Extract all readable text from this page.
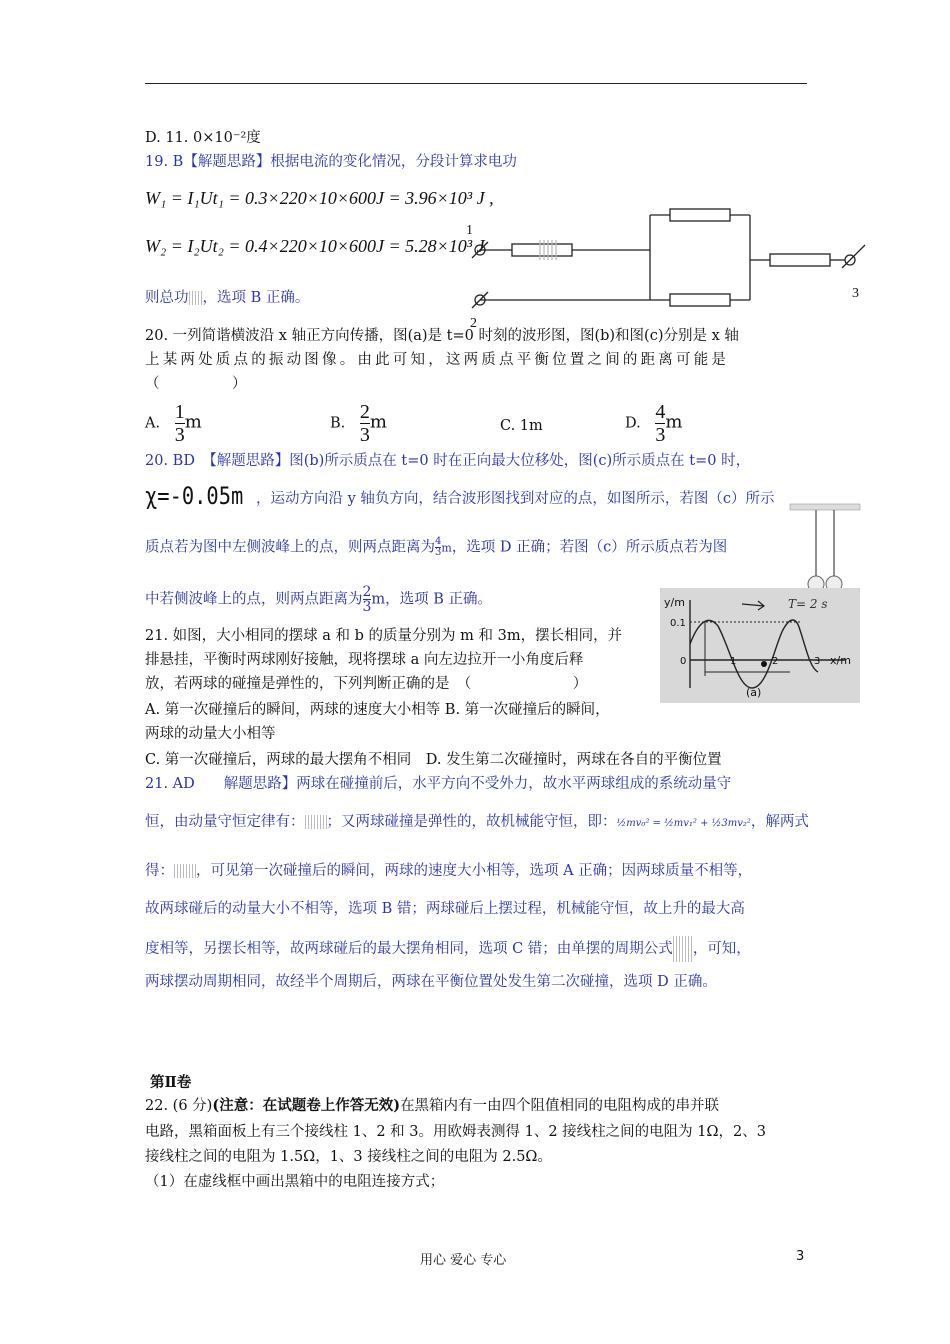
D. 11. 0×10⁻²度
19. B【解题思路】根据电流的变化情况，分段计算求电功
W₁ = I₁Ut₁ = 0.3×220×10×600J = 3.96×10³ J ,
W₂ = I₂Ut₂ = 0.4×220×10×600J = 5.28×10³ J
则总功 ，选项 B 正确。
1
2
3
20. 一列简谐横波沿 x 轴正方向传播，图(a)是 t=0 时刻的波形图，图(b)和图(c)分别是 x 轴
上某两处质点的振动图像。由此可知，这两质点平衡位置之间的距离可能是
（　　　　　）
A. $\frac{1}{3}m$	B. $\frac{2}{3}m$	C. 1m	D. $\frac{4}{3}m$
20. BD　【解题思路】图(b)所示质点在 t=0 时在正向最大位移处，图(c)所示质点在 t=0 时，
χ=-0.05m ，运动方向沿 y 轴负方向，结合波形图找到对应的点，如图所示，若图（c）所示
质点若为图中左侧波峰上的点，则两点距离为$\frac{4}{3}m$，选项 D 正确；若图（c）所示质点若为图
中若侧波峰上的点，则两点距离为$\frac{2}{3}m$，选项 B 正确。	y/m
0.1
0	1	2	3 x/m
(a)
T= 2 s
21. 如图，大小相同的摆球 a 和 b 的质量分别为 m 和 3m，摆长相同，并
排悬挂，平衡时两球刚好接触，现将摆球 a 向左边拉开一小角度后释
放，若两球的碰撞是弹性的，下列判断正确的是　（　　　　　　　）
A. 第一次碰撞后的瞬间，两球的速度大小相等 B. 第一次碰撞后的瞬间，
两球的动量大小相等
C. 第一次碰撞后，两球的最大摆角不相同　D. 发生第二次碰撞时，两球在各自的平衡位置
21. AD　　解题思路】两球在碰撞前后，水平方向不受外力，故水平两球组成的系统动量守
恒，由动量守恒定律有： ；又两球碰撞是弹性的，故机械能守恒，即：½mv₀² = ½mv₁² + ½3mv₂²，解两式
得： ，可见第一次碰撞后的瞬间，两球的速度大小相等，选项 A 正确；因两球质量不相等，
故两球碰后的动量大小不相等，选项 B 错；两球碰后上摆过程，机械能守恒，故上升的最大高
度相等，另摆长相等，故两球碰后的最大摆角相同，选项 C 错；由单摆的周期公式 ，可知，
两球摆动周期相同，故经半个周期后，两球在平衡位置处发生第二次碰撞，选项 D 正确。
第Ⅱ卷
22. (6 分)(注意：在试题卷上作答无效)在黑箱内有一由四个阻值相同的电阻构成的串并联
电路，黑箱面板上有三个接线柱 1、2 和 3。用欧姆表测得 1、2 接线柱之间的电阻为 1Ω，2、3
接线柱之间的电阻为 1.5Ω，1、3 接线柱之间的电阻为 2.5Ω。
（1）在虚线框中画出黑箱中的电阻连接方式；
用心 爱心 专心	3
